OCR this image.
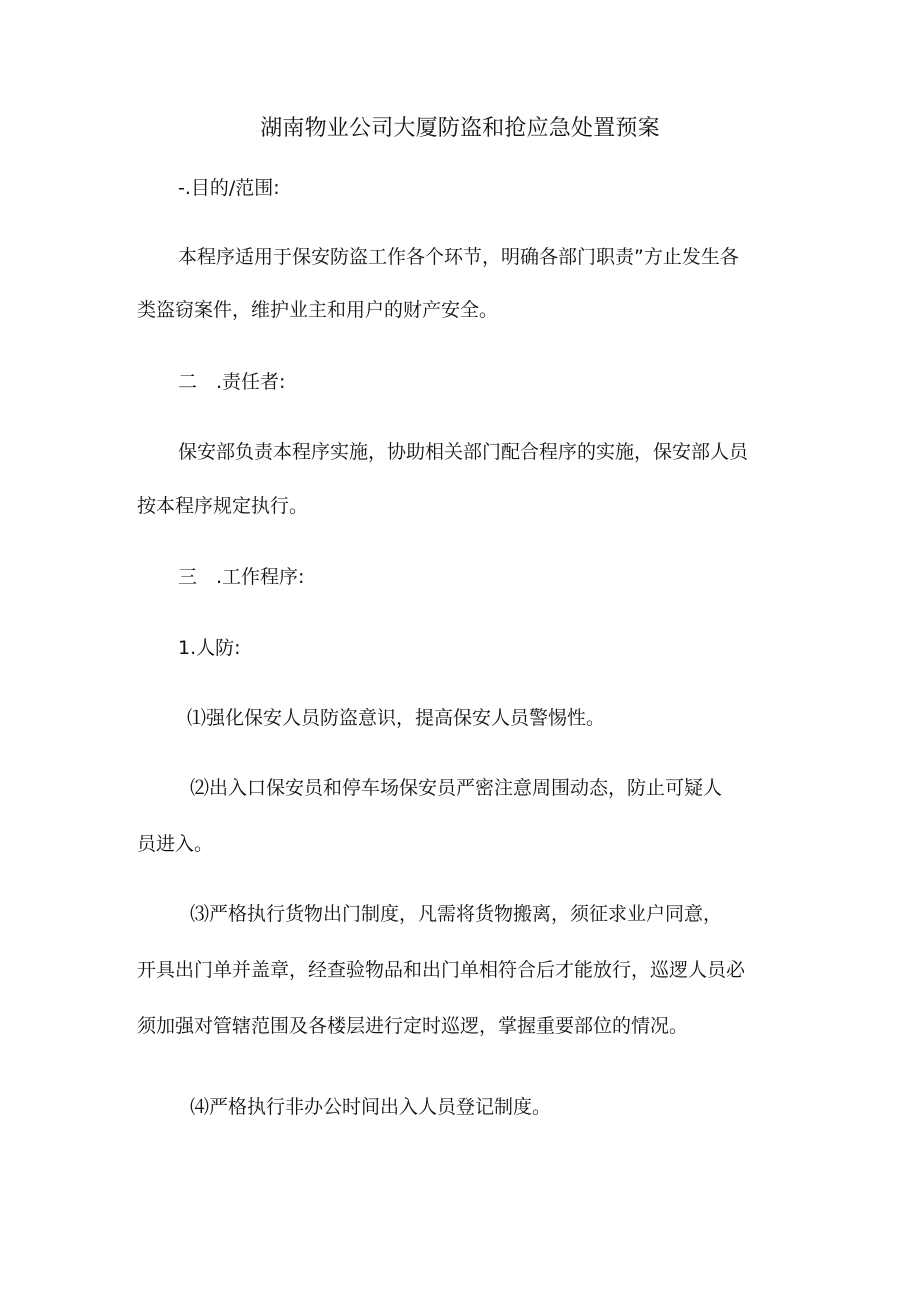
湖南物业公司大厦防盗和抢应急处置预案
-.目的/范围:
本程序适用于保安防盗工作各个环节，明确各部门职责”方止发生各
类盗窃案件，维护业主和用户的财产安全。
二　.责任者:
保安部负责本程序实施，协助相关部门配合程序的实施，保安部人员
按本程序规定执行。
三　.工作程序:
1.人防:
⑴强化保安人员防盗意识，提高保安人员警惕性。
⑵出入口保安员和停车场保安员严密注意周围动态，防止可疑人
员进入。
⑶严格执行货物出门制度，凡需将货物搬离，须征求业户同意，
开具出门单并盖章，经查验物品和出门单相符合后才能放行，巡逻人员必
须加强对管辖范围及各楼层进行定时巡逻，掌握重要部位的情况。
⑷严格执行非办公时间出入人员登记制度。
